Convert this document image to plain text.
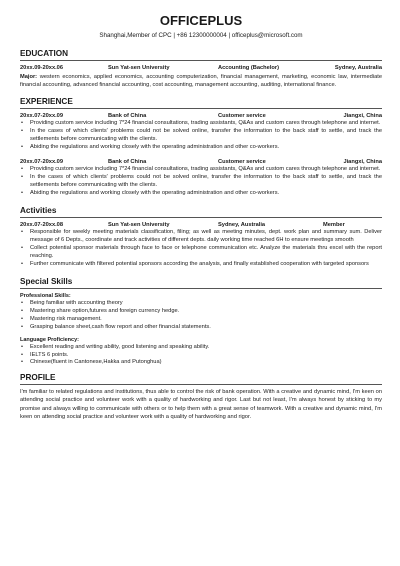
OFFICEPLUS
Shanghai,Member of CPC | +86 12300000004 | officeplus@microsoft.com
EDUCATION
20xx.09-20xx.06	Sun Yat-sen University	Accounting (Bachelor)	Sydney, Australia
Major: western economics, applied economics, accounting computerization, financial management, marketing, economic law, intermediate financial accounting, advanced financial accounting, cost accounting, management accounting, auditing, international finance.
EXPERIENCE
20xx.07-20xx.09	Bank of China	Customer service	Jiangxi, China
• Providing custom service including 7*24 financial consultations, trading assistants, Q&As and custom cares through telephone and internet.
• In the cases of which clients' problems could not be solved online, transfer the information to the back staff to settle, and track the settlements before communicating with the clients.
• Abiding the regulations and working closely with the operating administration and other co-workers.
20xx.07-20xx.09	Bank of China	Customer service	Jiangxi, China
• Providing custom service including 7*24 financial consultations, trading assistants, Q&As and custom cares through telephone and internet.
• In the cases of which clients' problems could not be solved online, transfer the information to the back staff to settle, and track the settlements before communicating with the clients.
• Abiding the regulations and working closely with the operating administration and other co-workers.
Activities
20xx.07-20xx.08	Sun Yat-sen University	Sydney, Australia	Member
• Responsible for weekly meeting materials classification, filing; as well as meeting minutes, dept. work plan and summary sum. Deliver message of 6 Depts., coordinate and track activities of different depts. daily working time reached 6H to ensure meetings smooth
• Collect potential sponsor materials through face to face or telephone communication etc. Analyze the materials thru excel with the report reaching.
• Further communicate with filtered potential sponsors according the analysis, and finally established cooperation with targeted sponsors
Special Skills
Professional Skills:
• Being familiar with accounting theory
• Mastering share option,futures and foreign currency hedge.
• Mastering risk management.
• Grasping balance sheet,cash flow report and other financial statements.
Language Proficiency:
• Excellent reading and writing ability, good listening and speaking ability.
• IELTS 6 points.
• Chinese(fluent in Cantonese,Hakka and Putonghua)
PROFILE
I'm familiar to related regulations and institutions, thus able to control the risk of bank operation. With a creative and dynamic mind, I'm keen on attending social practice and volunteer work with a quality of hardworking and rigor. Last but not least, I'm always honest by sticking to my promise and always willing to communicate with others or to help them with a great sense of teamwork. With a creative and dynamic mind, I'm keen on attending social practice and volunteer work with a quality of hardworking and rigor.
